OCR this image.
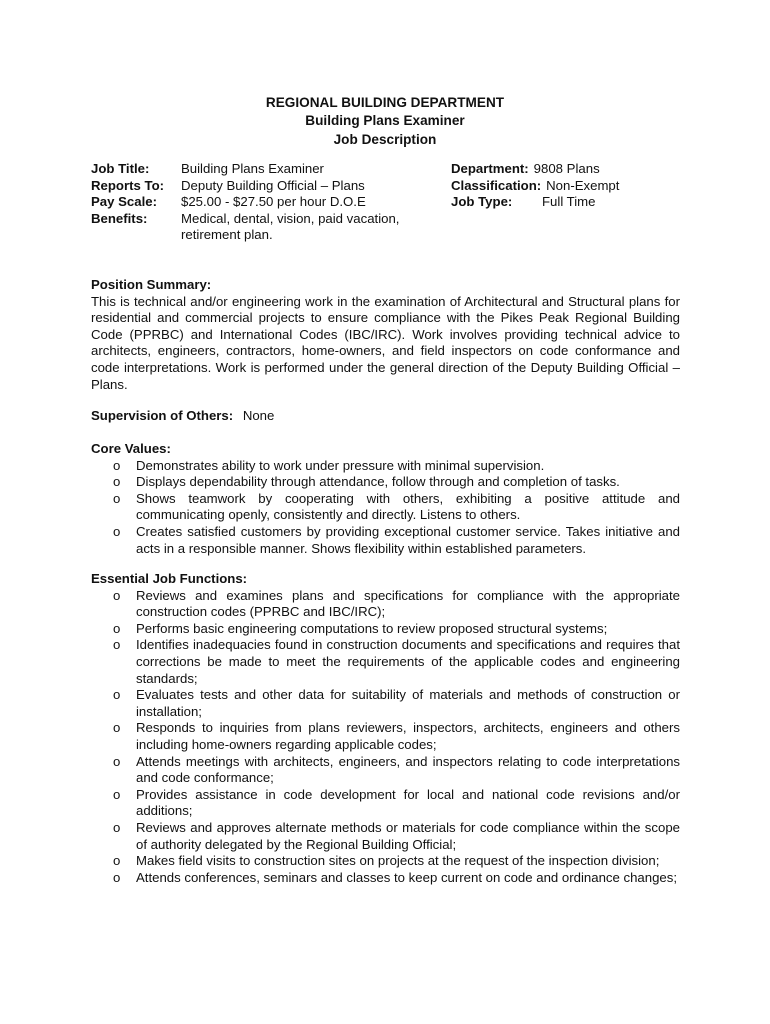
REGIONAL BUILDING DEPARTMENT
Building Plans Examiner
Job Description
Job Title:	Building Plans Examiner
Reports To:	Deputy Building Official – Plans
Pay Scale:	$25.00 - $27.50 per hour D.O.E
Benefits:	Medical, dental, vision, paid vacation, retirement plan.
Department: 9808 Plans
Classification: Non-Exempt
Job Type:	Full Time
Position Summary:
This is technical and/or engineering work in the examination of Architectural and Structural plans for residential and commercial projects to ensure compliance with the Pikes Peak Regional Building Code (PPRBC) and International Codes (IBC/IRC). Work involves providing technical advice to architects, engineers, contractors, home-owners, and field inspectors on code conformance and code interpretations. Work is performed under the general direction of the Deputy Building Official – Plans.
Supervision of Others: None
Core Values:
o Demonstrates ability to work under pressure with minimal supervision.
o Displays dependability through attendance, follow through and completion of tasks.
o Shows teamwork by cooperating with others, exhibiting a positive attitude and communicating openly, consistently and directly. Listens to others.
o Creates satisfied customers by providing exceptional customer service. Takes initiative and acts in a responsible manner. Shows flexibility within established parameters.
Essential Job Functions:
o Reviews and examines plans and specifications for compliance with the appropriate construction codes (PPRBC and IBC/IRC);
o Performs basic engineering computations to review proposed structural systems;
o Identifies inadequacies found in construction documents and specifications and requires that corrections be made to meet the requirements of the applicable codes and engineering standards;
o Evaluates tests and other data for suitability of materials and methods of construction or installation;
o Responds to inquiries from plans reviewers, inspectors, architects, engineers and others including home-owners regarding applicable codes;
o Attends meetings with architects, engineers, and inspectors relating to code interpretations and code conformance;
o Provides assistance in code development for local and national code revisions and/or additions;
o Reviews and approves alternate methods or materials for code compliance within the scope of authority delegated by the Regional Building Official;
o Makes field visits to construction sites on projects at the request of the inspection division;
o Attends conferences, seminars and classes to keep current on code and ordinance changes;
